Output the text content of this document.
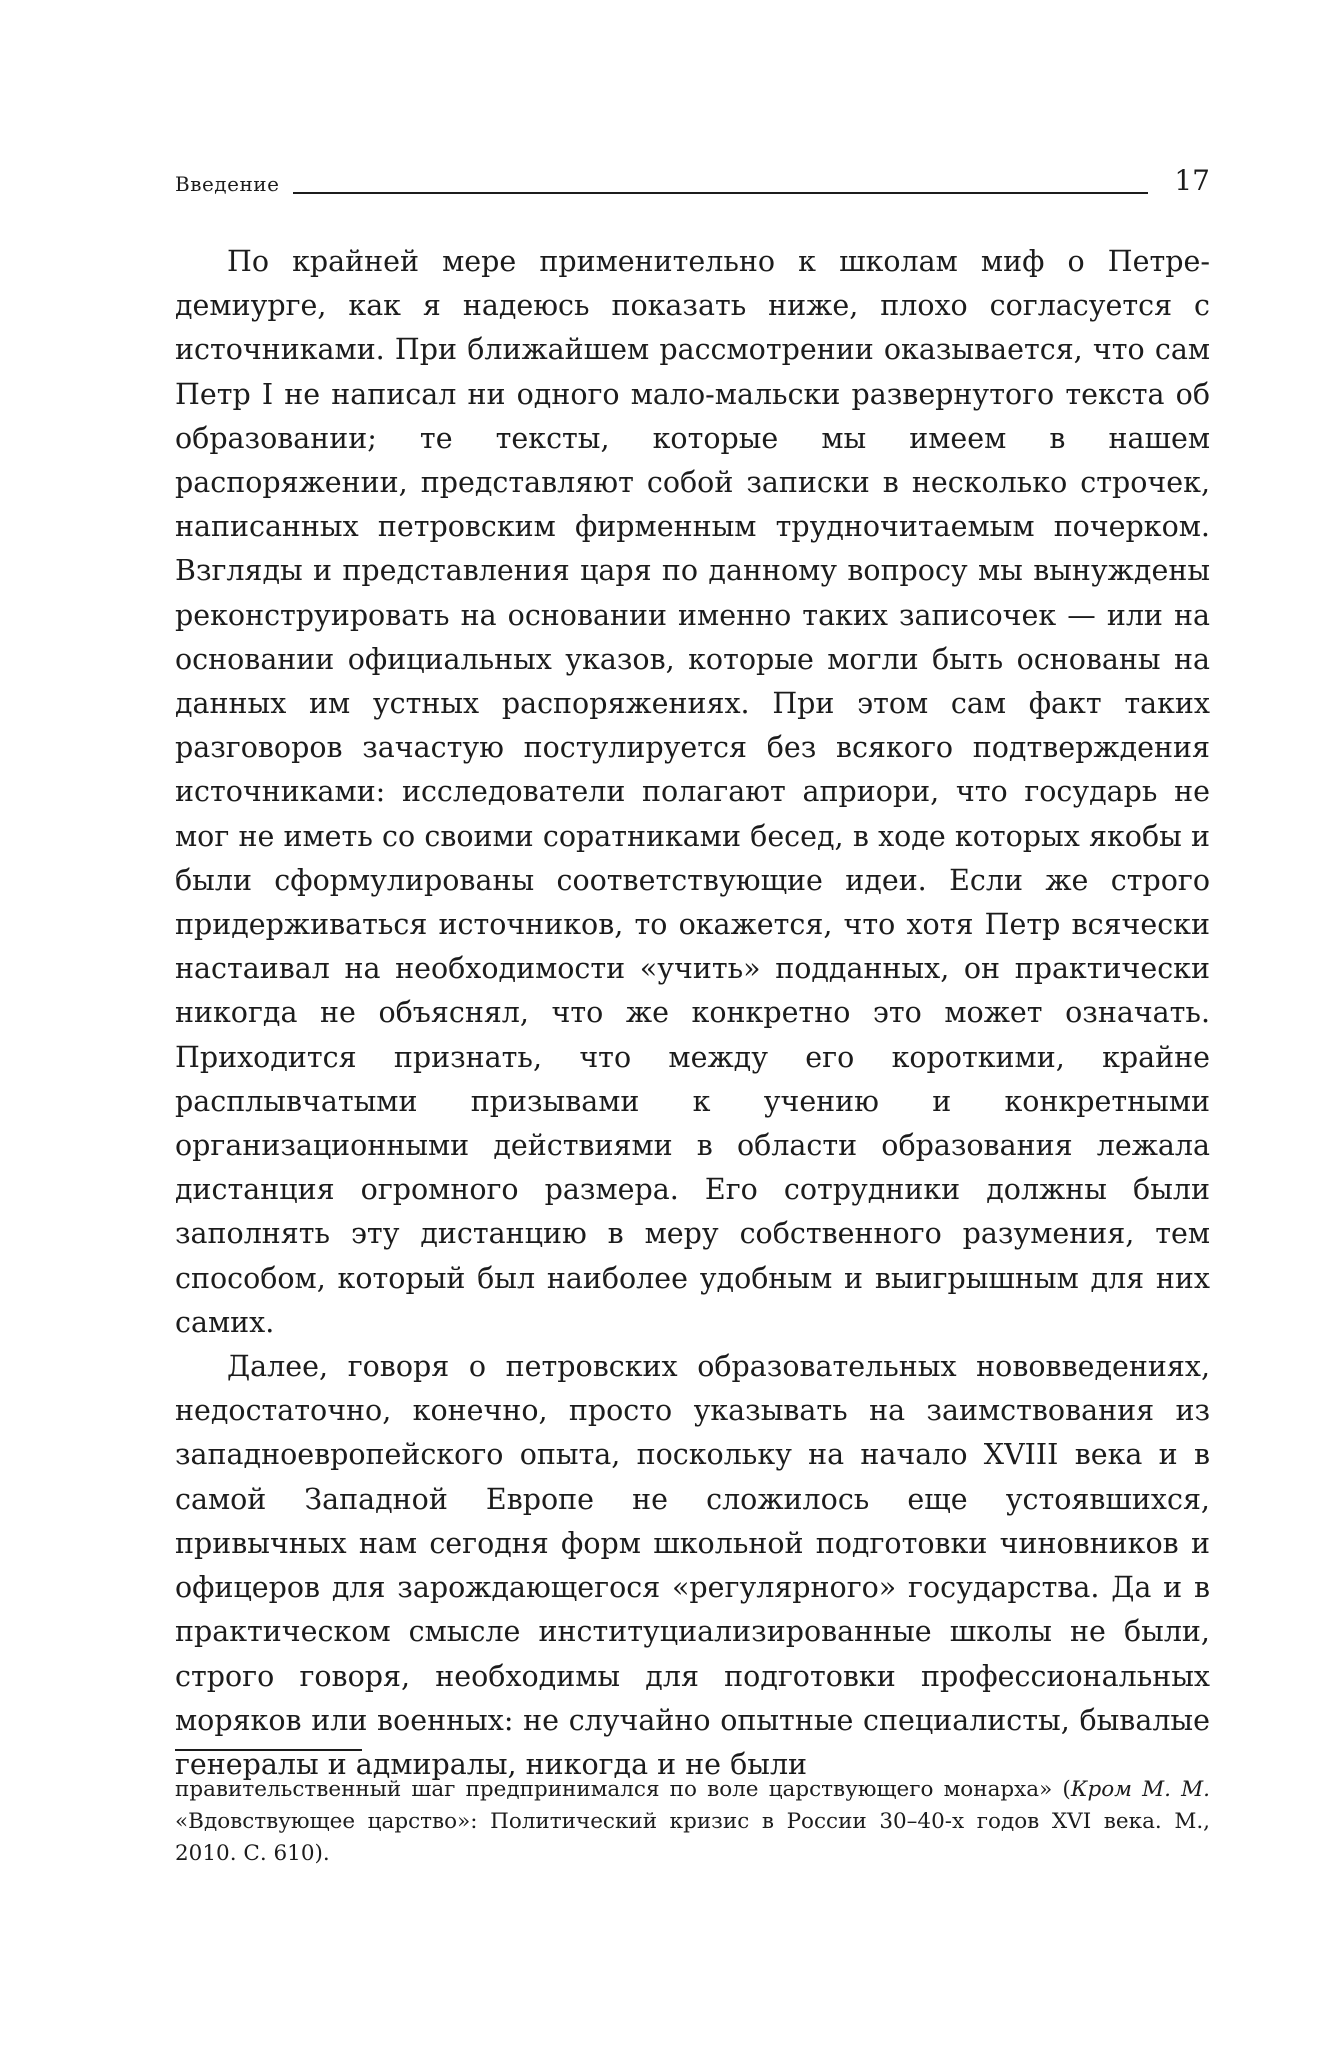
Введение	17

По крайней мере применительно к школам миф о Петре-демиурге, как я надеюсь показать ниже, плохо согласуется с источниками. При ближайшем рассмотрении оказывается, что сам Петр I не написал ни одного мало-мальски развернутого текста об образовании; те тексты, которые мы имеем в нашем распоряжении, представляют собой записки в несколько строчек, написанных петровским фирменным трудночитаемым почерком. Взгляды и представления царя по данному вопросу мы вынуждены реконструировать на основании именно таких записочек — или на основании официальных указов, которые могли быть основаны на данных им устных распоряжениях. При этом сам факт таких разговоров зачастую постулируется без всякого подтверждения источниками: исследователи полагают априори, что государь не мог не иметь со своими соратниками бесед, в ходе которых якобы и были сформулированы соответствующие идеи. Если же строго придерживаться источников, то окажется, что хотя Петр всячески настаивал на необходимости «учить» подданных, он практически никогда не объяснял, что же конкретно это может означать. Приходится признать, что между его короткими, крайне расплывчатыми призывами к учению и конкретными организационными действиями в области образования лежала дистанция огромного размера. Его сотрудники должны были заполнять эту дистанцию в меру собственного разумения, тем способом, который был наиболее удобным и выигрышным для них самих.

Далее, говоря о петровских образовательных нововведениях, недостаточно, конечно, просто указывать на заимствования из западноевропейского опыта, поскольку на начало XVIII века и в самой Западной Европе не сложилось еще устоявшихся, привычных нам сегодня форм школьной подготовки чиновников и офицеров для зарождающегося «регулярного» государства. Да и в практическом смысле институциализированные школы не были, строго говоря, необходимы для подготовки профессиональных моряков или военных: не случайно опытные специалисты, бывалые генералы и адмиралы, никогда и не были

правительственный шаг предпринимался по воле царствующего монарха» (Кром М. М. «Вдовствующее царство»: Политический кризис в России 30–40-х годов XVI века. М., 2010. С. 610).
